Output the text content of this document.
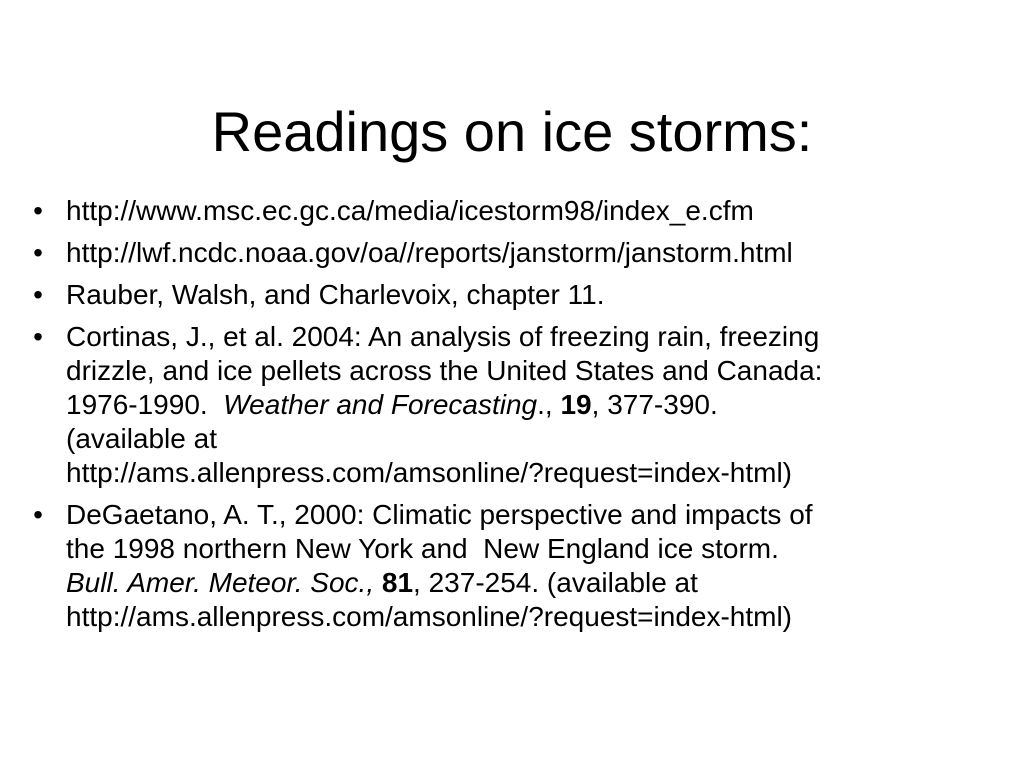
Readings on ice storms:
• http://www.msc.ec.gc.ca/media/icestorm98/index_e.cfm
• http://lwf.ncdc.noaa.gov/oa//reports/janstorm/janstorm.html
• Rauber, Walsh, and Charlevoix, chapter 11.
• Cortinas, J., et al. 2004: An analysis of freezing rain, freezing
drizzle, and ice pellets across the United States and Canada:
1976-1990.  Weather and Forecasting., 19, 377-390.
(available at
http://ams.allenpress.com/amsonline/?request=index-html)
• DeGaetano, A. T., 2000: Climatic perspective and impacts of
the 1998 northern New York and  New England ice storm.
Bull. Amer. Meteor. Soc., 81, 237-254. (available at
http://ams.allenpress.com/amsonline/?request=index-html)
